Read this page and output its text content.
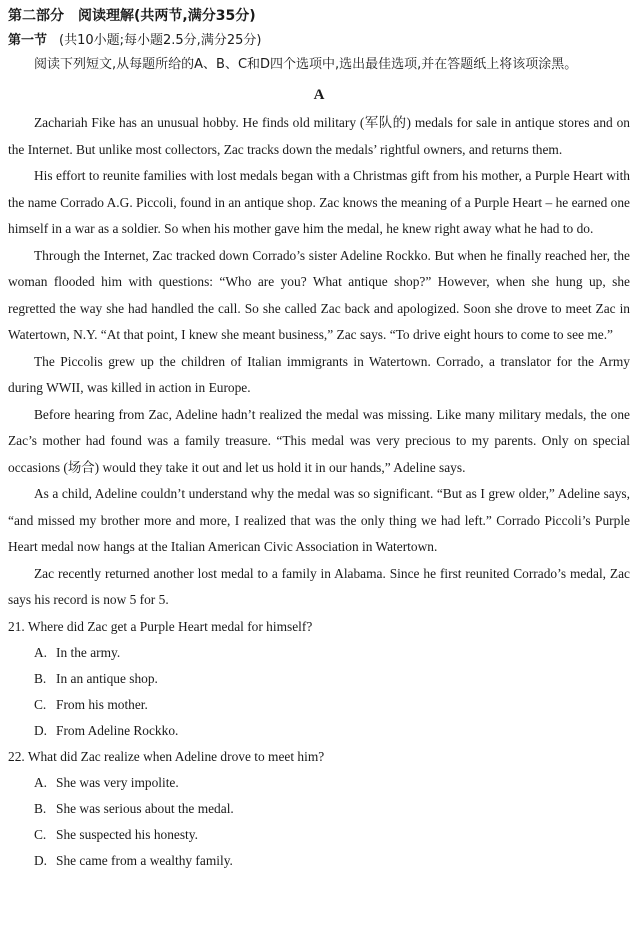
第二部分 阅读理解(共两节,满分35分)
第一节 (共10小题;每小题2.5分,满分25分)

阅读下列短文,从每题所给的A、B、C和D四个选项中,选出最佳选项,并在答题纸上将该项涂黑。

A

Zachariah Fike has an unusual hobby. He finds old military (军队的) medals for sale in antique stores and on the Internet. But unlike most collectors, Zac tracks down the medals’ rightful owners, and returns them.

His effort to reunite families with lost medals began with a Christmas gift from his mother, a Purple Heart with the name Corrado A.G. Piccoli, found in an antique shop. Zac knows the meaning of a Purple Heart – he earned one himself in a war as a soldier. So when his mother gave him the medal, he knew right away what he had to do.

Through the Internet, Zac tracked down Corrado’s sister Adeline Rockko. But when he finally reached her, the woman flooded him with questions: “Who are you? What antique shop?” However, when she hung up, she regretted the way she had handled the call. So she called Zac back and apologized. Soon she drove to meet Zac in Watertown, N.Y. “At that point, I knew she meant business,” Zac says. “To drive eight hours to come to see me.”

The Piccolis grew up the children of Italian immigrants in Watertown. Corrado, a translator for the Army during WWII, was killed in action in Europe.

Before hearing from Zac, Adeline hadn’t realized the medal was missing. Like many military medals, the one Zac’s mother had found was a family treasure. “This medal was very precious to my parents. Only on special occasions (场合) would they take it out and let us hold it in our hands,” Adeline says.

As a child, Adeline couldn’t understand why the medal was so significant. “But as I grew older,” Adeline says, “and missed my brother more and more, I realized that was the only thing we had left.” Corrado Piccoli’s Purple Heart medal now hangs at the Italian American Civic Association in Watertown.

Zac recently returned another lost medal to a family in Alabama. Since he first reunited Corrado’s medal, Zac says his record is now 5 for 5.

21. Where did Zac get a Purple Heart medal for himself?

A. In the army.
B. In an antique shop.
C. From his mother.
D. From Adeline Rockko.

22. What did Zac realize when Adeline drove to meet him?

A. She was very impolite.
B. She was serious about the medal.
C. She suspected his honesty.
D. She came from a wealthy family.
